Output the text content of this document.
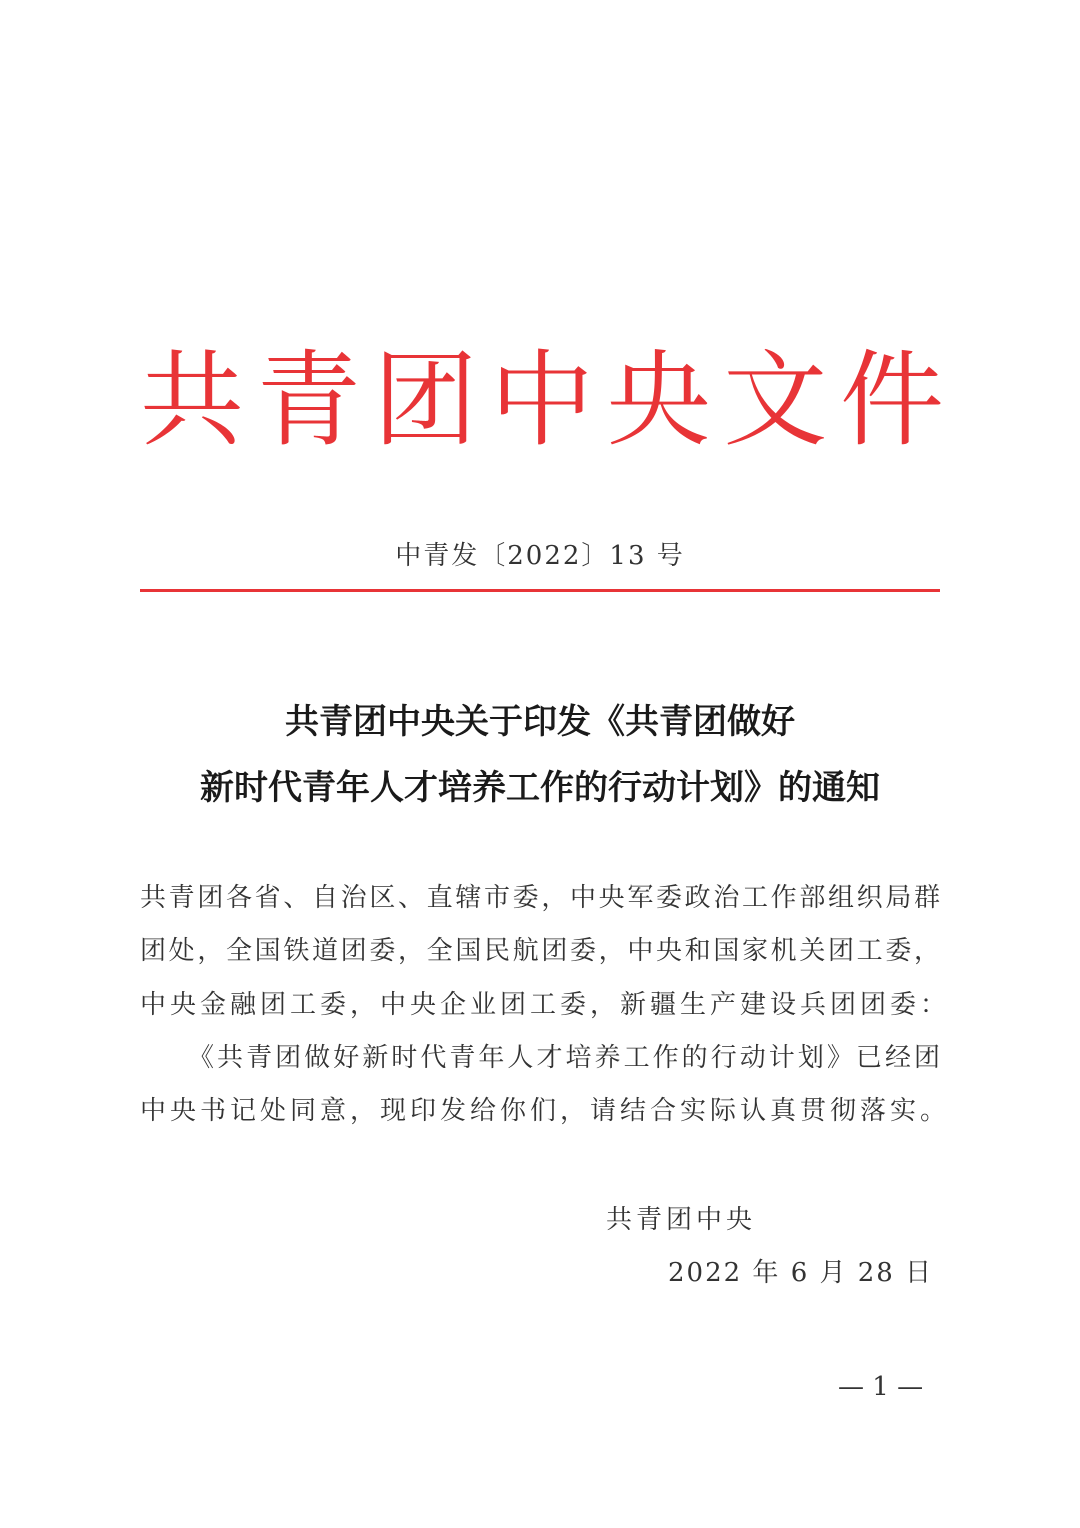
共 青 团 中 央 文 件
中青发〔2022〕13 号
共青团中央关于印发《共青团做好
新时代青年人才培养工作的行动计划》的通知
共青团各省、自治区、直辖市委，中央军委政治工作部组织局群
团处，全国铁道团委，全国民航团委，中央和国家机关团工委，
中央金融团工委，中央企业团工委，新疆生产建设兵团团委：
《共青团做好新时代青年人才培养工作的行动计划》已经团
中央书记处同意，现印发给你们，请结合实际认真贯彻落实。
共青团中央
2022 年 6 月 28 日
— 1 —
